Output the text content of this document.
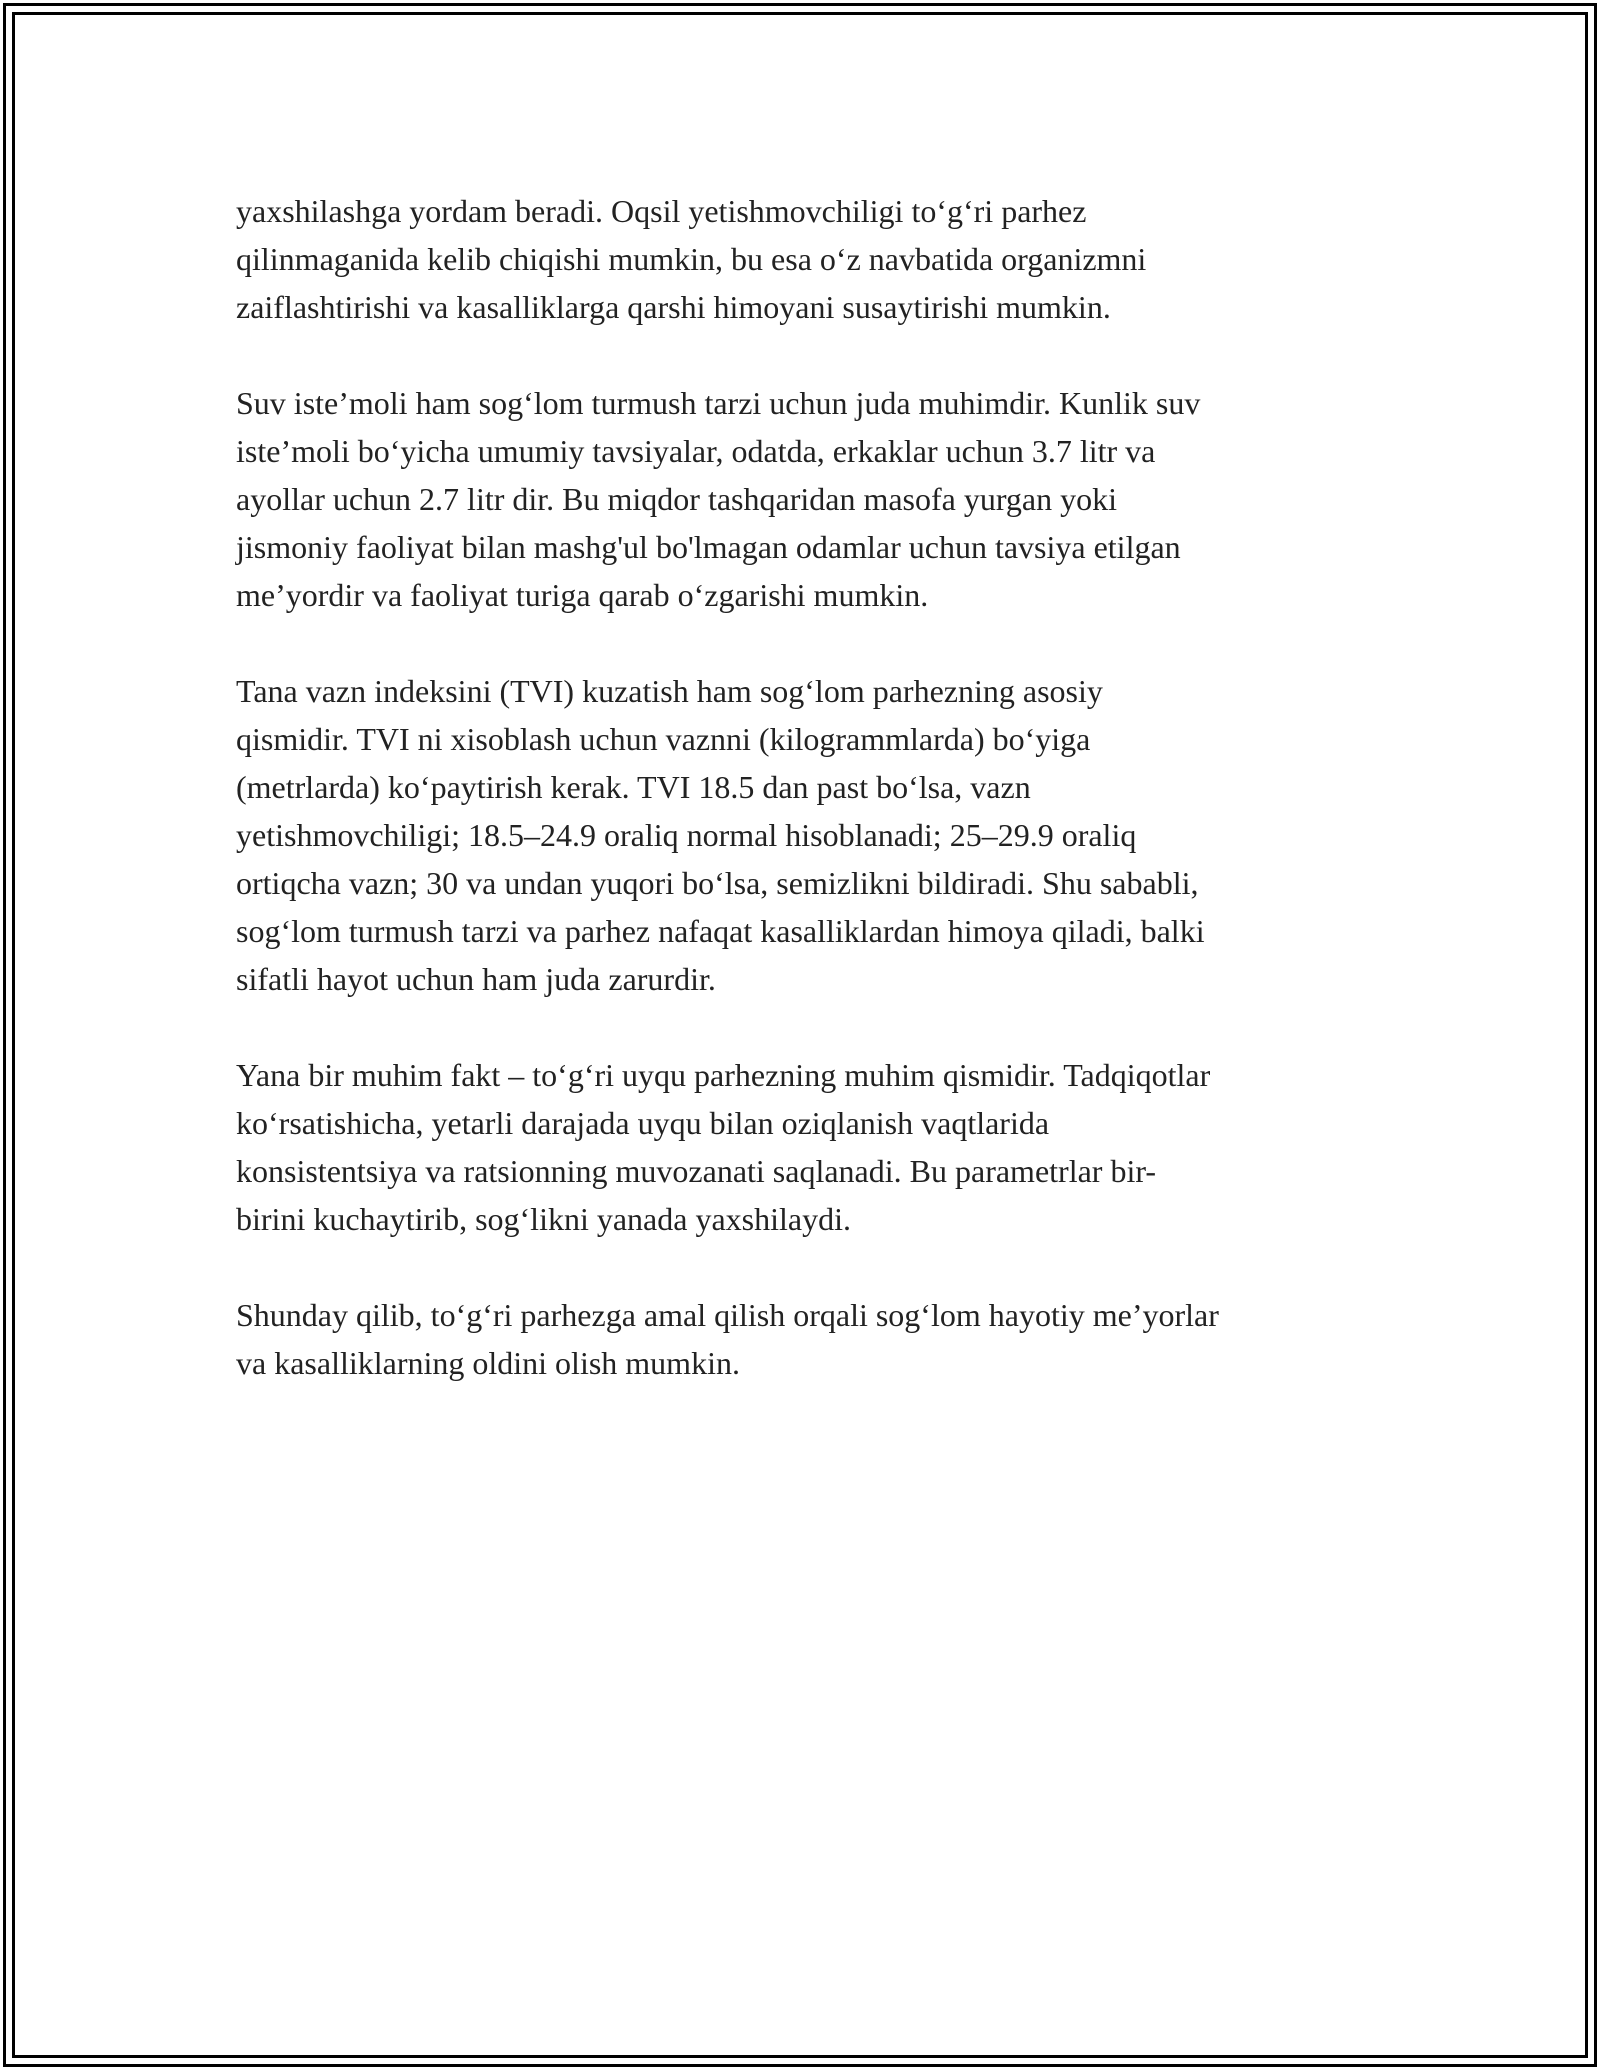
yaxshilashga yordam beradi. Oqsil yetishmovchiligi to‘g‘ri parhez
qilinmaganida kelib chiqishi mumkin, bu esa o‘z navbatida organizmni
zaiflashtirishi va kasalliklarga qarshi himoyani susaytirishi mumkin.

Suv iste’moli ham sog‘lom turmush tarzi uchun juda muhimdir. Kunlik suv
iste’moli bo‘yicha umumiy tavsiyalar, odatda, erkaklar uchun 3.7 litr va
ayollar uchun 2.7 litr dir. Bu miqdor tashqaridan masofa yurgan yoki
jismoniy faoliyat bilan mashg'ul bo'lmagan odamlar uchun tavsiya etilgan
me’yordir va faoliyat turiga qarab o‘zgarishi mumkin.

Tana vazn indeksini (TVI) kuzatish ham sog‘lom parhezning asosiy
qismidir. TVI ni xisoblash uchun vaznni (kilogrammlarda) bo‘yiga
(metrlarda) ko‘paytirish kerak. TVI 18.5 dan past bo‘lsa, vazn
yetishmovchiligi; 18.5–24.9 oraliq normal hisoblanadi; 25–29.9 oraliq
ortiqcha vazn; 30 va undan yuqori bo‘lsa, semizlikni bildiradi. Shu sababli,
sog‘lom turmush tarzi va parhez nafaqat kasalliklardan himoya qiladi, balki
sifatli hayot uchun ham juda zarurdir.

Yana bir muhim fakt – to‘g‘ri uyqu parhezning muhim qismidir. Tadqiqotlar
ko‘rsatishicha, yetarli darajada uyqu bilan oziqlanish vaqtlarida
konsistentsiya va ratsionning muvozanati saqlanadi. Bu parametrlar bir-
birini kuchaytirib, sog‘likni yanada yaxshilaydi.

Shunday qilib, to‘g‘ri parhezga amal qilish orqali sog‘lom hayotiy me’yorlar
va kasalliklarning oldini olish mumkin.
